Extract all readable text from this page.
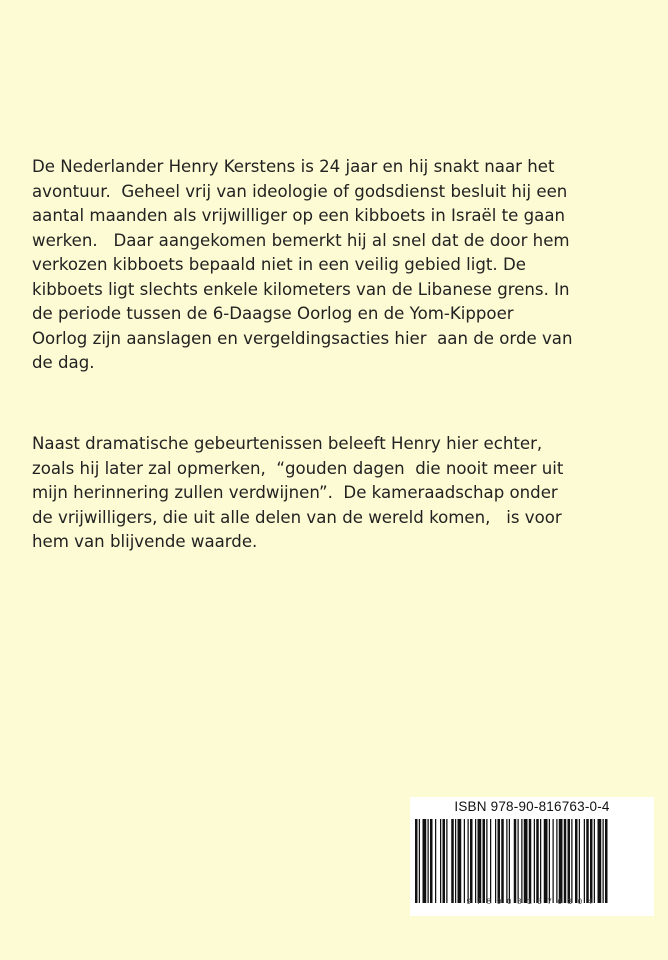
De Nederlander Henry Kerstens is 24 jaar en hij snakt naar het
avontuur.  Geheel vrij van ideologie of godsdienst besluit hij een
aantal maanden als vrijwilliger op een kibboets in Israël te gaan
werken.   Daar aangekomen bemerkt hij al snel dat de door hem
verkozen kibboets bepaald niet in een veilig gebied ligt. De
kibboets ligt slechts enkele kilometers van de Libanese grens. In
de periode tussen de 6-Daagse Oorlog en de Yom-Kippoer
Oorlog zijn aanslagen en vergeldingsacties hier  aan de orde van
de dag.
Naast dramatische gebeurtenissen beleeft Henry hier echter,
zoals hij later zal opmerken,  “gouden dagen  die nooit meer uit
mijn herinnering zullen verdwijnen”.  De kameraadschap onder
de vrijwilligers, die uit alle delen van de wereld komen,   is voor
hem van blijvende waarde.
ISBN 978-90-816763-0-4
9789081676304
